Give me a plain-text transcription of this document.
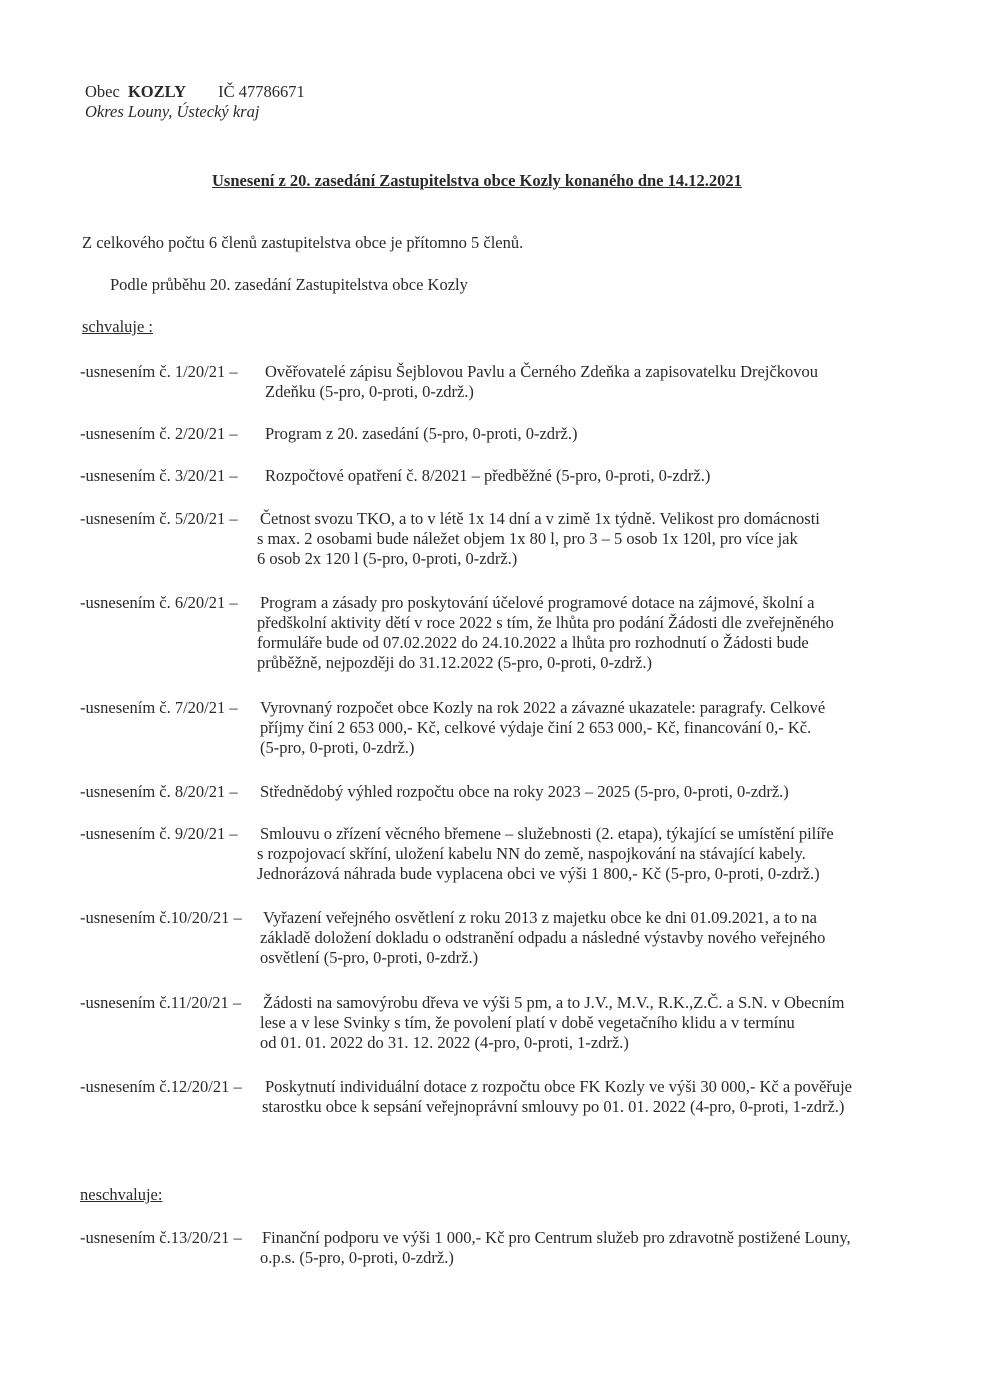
Obec KOZLY IČ 47786671
Okres Louny, Ústecký kraj
Usnesení z 20. zasedání Zastupitelstva obce Kozly konaného dne 14.12.2021
Z celkového počtu 6 členů zastupitelstva obce je přítomno 5 členů.
Podle průběhu 20. zasedání Zastupitelstva obce Kozly
schvaluje :
-usnesením č. 1/20/21 – Ověřovatelé zápisu Šejblovou Pavlu a Černého Zdeňka a zapisovatelku Drejčkovou
Zdeňku (5-pro, 0-proti, 0-zdrž.)
-usnesením č. 2/20/21 – Program z 20. zasedání (5-pro, 0-proti, 0-zdrž.)
-usnesením č. 3/20/21 – Rozpočtové opatření č. 8/2021 – předběžné (5-pro, 0-proti, 0-zdrž.)
-usnesením č. 5/20/21 – Četnost svozu TKO, a to v létě 1x 14 dní a v zimě 1x týdně. Velikost pro domácnosti
s max. 2 osobami bude náležet objem 1x 80 l, pro 3 – 5 osob 1x 120l, pro více jak
6 osob 2x 120 l (5-pro, 0-proti, 0-zdrž.)
-usnesením č. 6/20/21 – Program a zásady pro poskytování účelové programové dotace na zájmové, školní a
předškolní aktivity dětí v roce 2022 s tím, že lhůta pro podání Žádosti dle zveřejněného
formuláře bude od 07.02.2022 do 24.10.2022 a lhůta pro rozhodnutí o Žádosti bude
průběžně, nejpozději do 31.12.2022 (5-pro, 0-proti, 0-zdrž.)
-usnesením č. 7/20/21 – Vyrovnaný rozpočet obce Kozly na rok 2022 a závazné ukazatele: paragrafy. Celkové
příjmy činí 2 653 000,- Kč, celkové výdaje činí 2 653 000,- Kč, financování 0,- Kč.
(5-pro, 0-proti, 0-zdrž.)
-usnesením č. 8/20/21 – Střednědobý výhled rozpočtu obce na roky 2023 – 2025 (5-pro, 0-proti, 0-zdrž.)
-usnesením č. 9/20/21 – Smlouvu o zřízení věcného břemene – služebnosti (2. etapa), týkající se umístění pilíře
s rozpojovací skříní, uložení kabelu NN do země, naspojkování na stávající kabely.
Jednorázová náhrada bude vyplacena obci ve výši 1 800,- Kč (5-pro, 0-proti, 0-zdrž.)
-usnesením č.10/20/21 – Vyřazení veřejného osvětlení z roku 2013 z majetku obce ke dni 01.09.2021, a to na
základě doložení dokladu o odstranění odpadu a následné výstavby nového veřejného
osvětlení (5-pro, 0-proti, 0-zdrž.)
-usnesením č.11/20/21 – Žádosti na samovýrobu dřeva ve výši 5 pm, a to J.V., M.V., R.K.,Z.Č. a S.N. v Obecním
lese a v lese Svinky s tím, že povolení platí v době vegetačního klidu a v termínu
od 01. 01. 2022 do 31. 12. 2022 (4-pro, 0-proti, 1-zdrž.)
-usnesením č.12/20/21 – Poskytnutí individuální dotace z rozpočtu obce FK Kozly ve výši 30 000,- Kč a pověřuje
starostku obce k sepsání veřejnoprávní smlouvy po 01. 01. 2022 (4-pro, 0-proti, 1-zdrž.)
neschvaluje:
-usnesením č.13/20/21 – Finanční podporu ve výši 1 000,- Kč pro Centrum služeb pro zdravotně postižené Louny,
o.p.s. (5-pro, 0-proti, 0-zdrž.)
